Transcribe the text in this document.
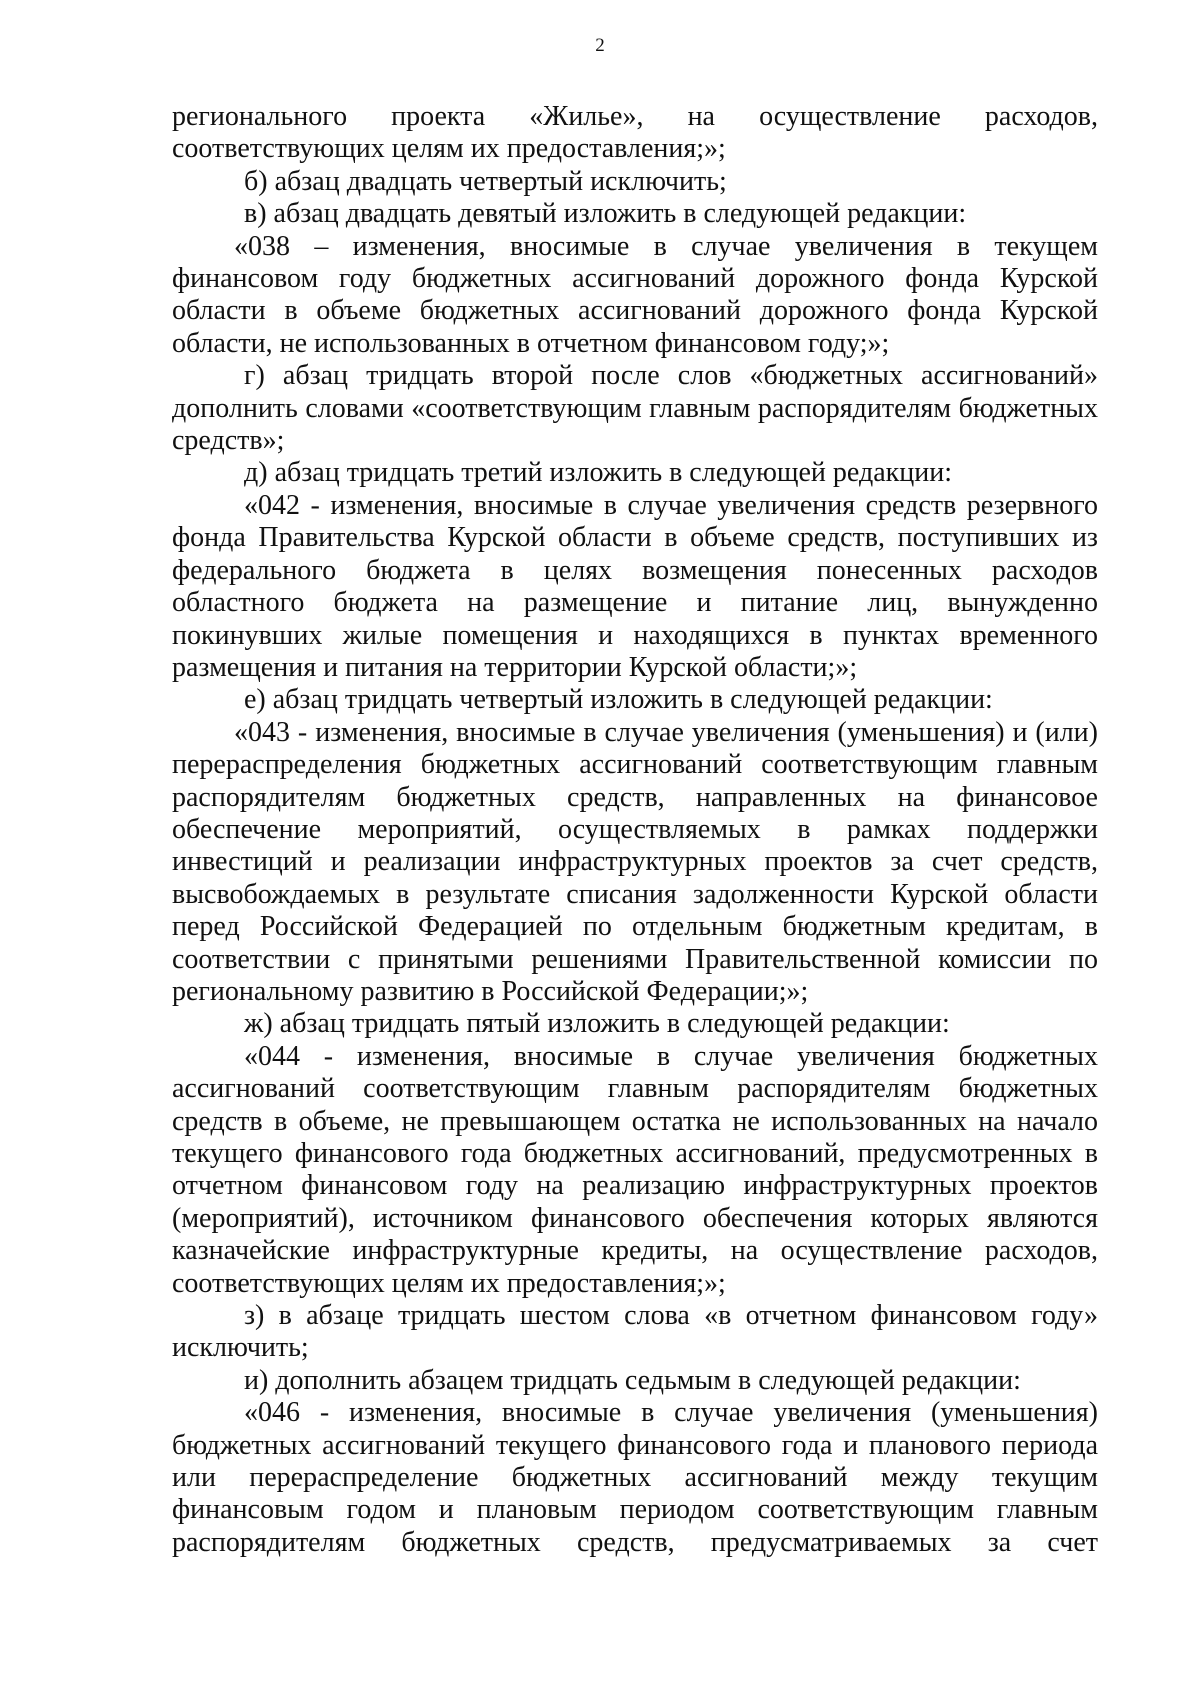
2

регионального проекта «Жилье», на осуществление расходов, соответствующих целям их предоставления;»;

б) абзац двадцать четвертый исключить;

в) абзац двадцать девятый изложить в следующей редакции:

«038 – изменения, вносимые в случае увеличения в текущем финансовом году бюджетных ассигнований дорожного фонда Курской области в объеме бюджетных ассигнований дорожного фонда Курской области, не использованных в отчетном финансовом году;»;

г) абзац тридцать второй после слов «бюджетных ассигнований» дополнить словами «соответствующим главным распорядителям бюджетных средств»;

д) абзац тридцать третий изложить в следующей редакции:

«042 - изменения, вносимые в случае увеличения средств резервного фонда Правительства Курской области в объеме средств, поступивших из федерального бюджета в целях возмещения понесенных расходов областного бюджета на размещение и питание лиц, вынужденно покинувших жилые помещения и находящихся в пунктах временного размещения и питания на территории Курской области;»;

е) абзац тридцать четвертый изложить в следующей редакции:

«043 - изменения, вносимые в случае увеличения (уменьшения) и (или) перераспределения бюджетных ассигнований соответствующим главным распорядителям бюджетных средств, направленных на финансовое обеспечение мероприятий, осуществляемых в рамках поддержки инвестиций и реализации инфраструктурных проектов за счет средств, высвобождаемых в результате списания задолженности Курской области перед Российской Федерацией по отдельным бюджетным кредитам, в соответствии с принятыми решениями Правительственной комиссии по региональному развитию в Российской Федерации;»;

ж) абзац тридцать пятый изложить в следующей редакции:

«044 - изменения, вносимые в случае увеличения бюджетных ассигнований соответствующим главным распорядителям бюджетных средств в объеме, не превышающем остатка не использованных на начало текущего финансового года бюджетных ассигнований, предусмотренных в отчетном финансовом году на реализацию инфраструктурных проектов (мероприятий), источником финансового обеспечения которых являются казначейские инфраструктурные кредиты, на осуществление расходов, соответствующих целям их предоставления;»;

з) в абзаце тридцать шестом слова «в отчетном финансовом году» исключить;

и) дополнить абзацем тридцать седьмым в следующей редакции:

«046 - изменения, вносимые в случае увеличения (уменьшения) бюджетных ассигнований текущего финансового года и планового периода или перераспределение бюджетных ассигнований между текущим финансовым годом и плановым периодом соответствующим главным распорядителям бюджетных средств, предусматриваемых за счет
